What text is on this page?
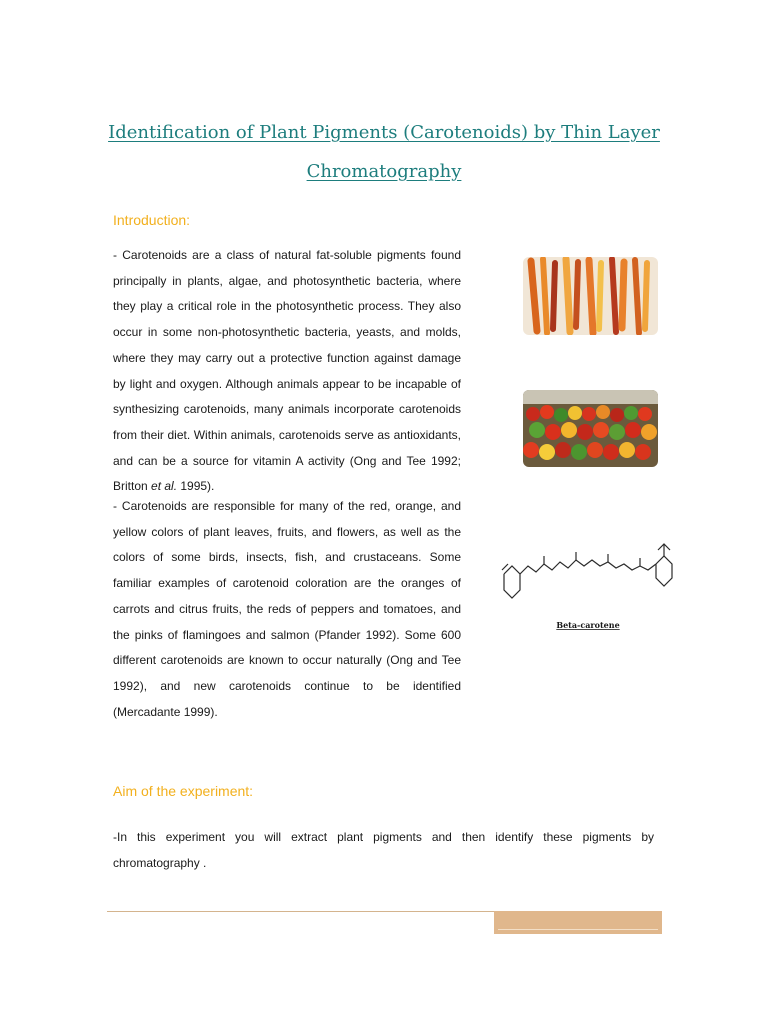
Identification of Plant Pigments (Carotenoids) by Thin Layer
Chromatography
Introduction:

- Carotenoids are a class of natural fat-soluble pigments found principally in plants, algae, and photosynthetic bacteria, where they play a critical role in the photosynthetic process. They also occur in some non-photosynthetic bacteria, yeasts, and molds, where they may carry out a protective function against damage by light and oxygen. Although animals appear to be incapable of synthesizing carotenoids, many animals incorporate carotenoids from their diet. Within animals, carotenoids serve as antioxidants, and can be a source for vitamin A activity (Ong and Tee 1992; Britton et al. 1995).

- Carotenoids are responsible for many of the red, orange, and yellow colors of plant leaves, fruits, and flowers, as well as the colors of some birds, insects, fish, and crustaceans. Some familiar examples of carotenoid coloration are the oranges of carrots and citrus fruits, the reds of peppers and tomatoes, and the pinks of flamingoes and salmon (Pfander 1992). Some 600 different carotenoids are known to occur naturally (Ong and Tee 1992), and new carotenoids continue to be identified (Mercadante 1999).

Beta-carotene
Aim of the experiment:

-In this experiment you will extract plant pigments and then identify these pigments by chromatography .
